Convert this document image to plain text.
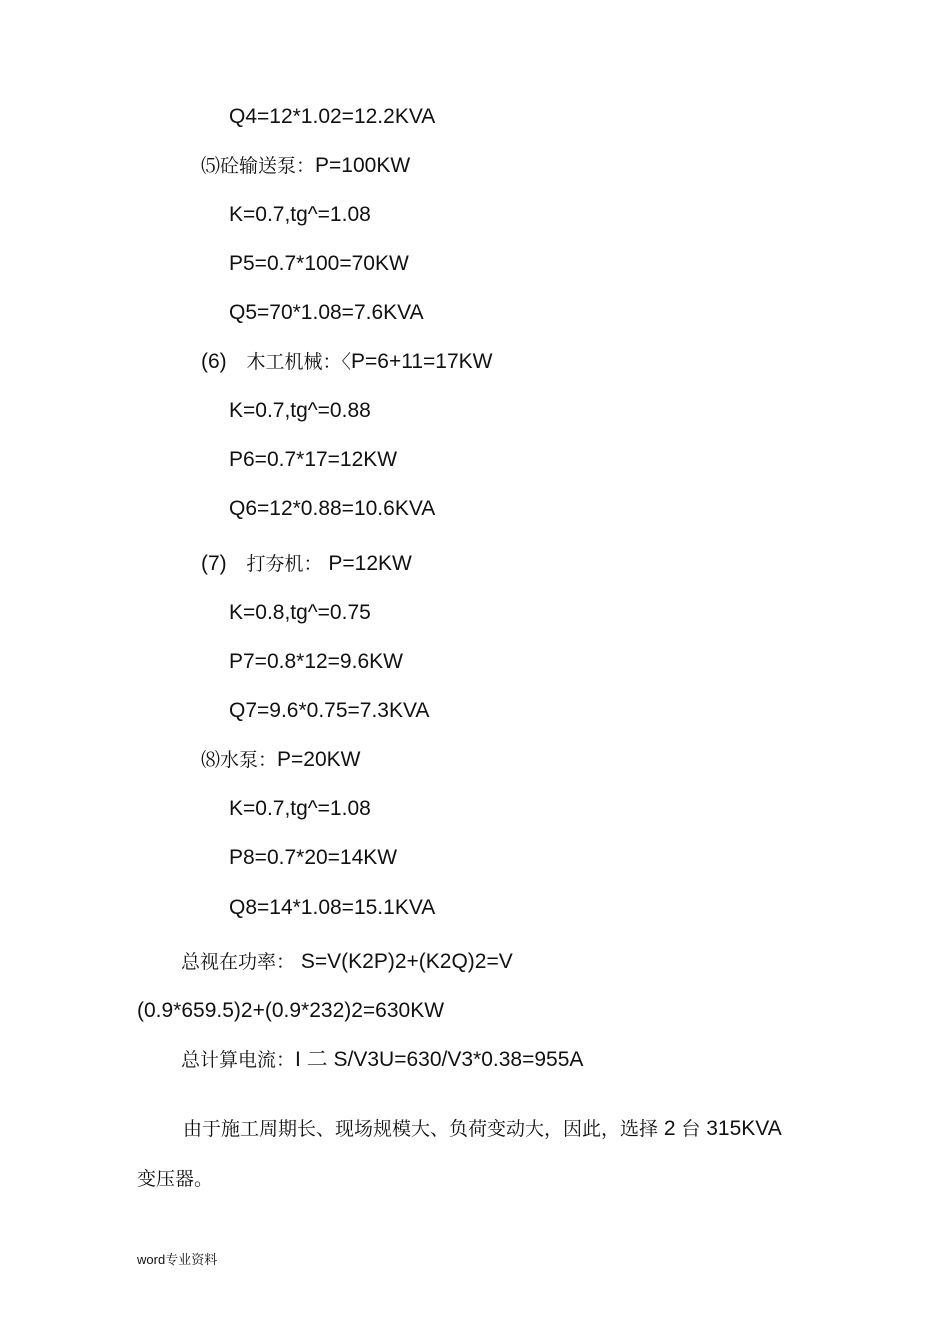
Q4=12*1.02=12.2KVA
⑸砼输送泵：P=100KW
K=0.7,tg^=1.08
P5=0.7*100=70KW
Q5=70*1.08=7.6KVA
(6) 木工机械：〈P=6+11=17KW
K=0.7,tg^=0.88
P6=0.7*17=12KW
Q6=12*0.88=10.6KVA
(7) 打夯机： P=12KW
K=0.8,tg^=0.75
P7=0.8*12=9.6KW
Q7=9.6*0.75=7.3KVA
⑻水泵：P=20KW
K=0.7,tg^=1.08
P8=0.7*20=14KW
Q8=14*1.08=15.1KVA
总视在功率： S=V(K2P)2+(K2Q)2=V
(0.9*659.5)2+(0.9*232)2=630KW
总计算电流：I 二 S/V3U=630/V3*0.38=955A
由于施工周期长、现场规模大、负荷变动大，因此，选择 2 台 315KVA
变压器。
word专业资料
